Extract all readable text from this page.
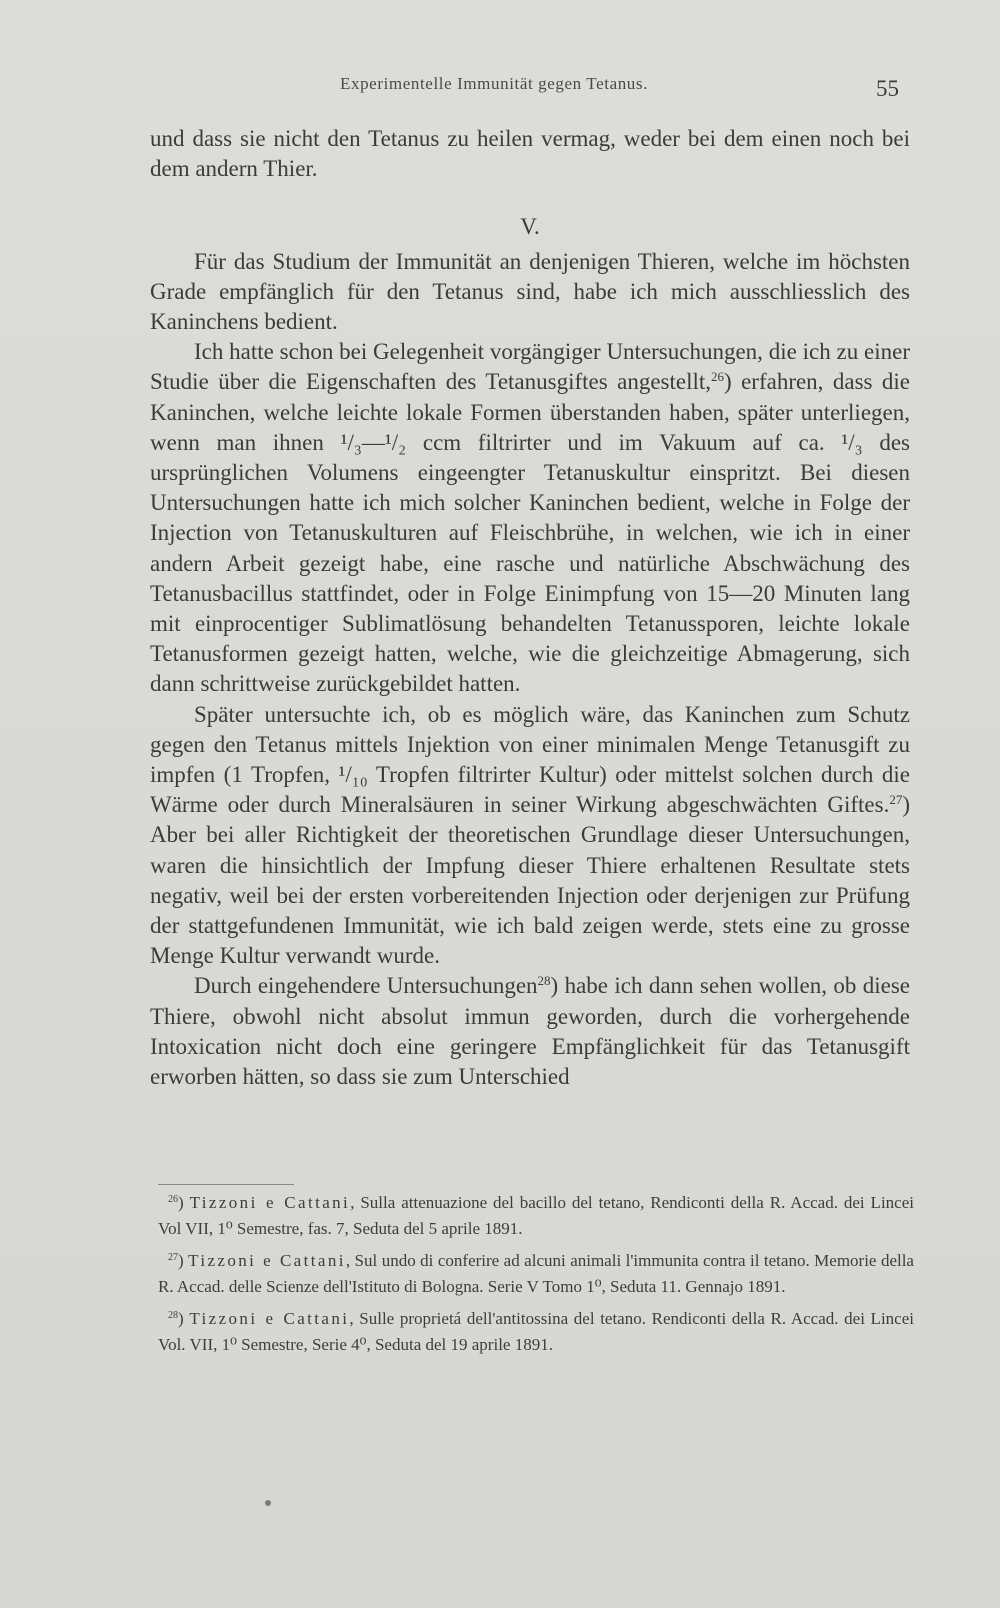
Experimentelle Immunität gegen Tetanus.	55

und dass sie nicht den Tetanus zu heilen vermag, weder bei dem einen noch bei dem andern Thier.

V.

Für das Studium der Immunität an denjenigen Thieren, welche im höchsten Grade empfänglich für den Tetanus sind, habe ich mich ausschliesslich des Kaninchens bedient.

Ich hatte schon bei Gelegenheit vorgängiger Untersuchungen, die ich zu einer Studie über die Eigenschaften des Tetanusgiftes angestellt,$^{26}$) erfahren, dass die Kaninchen, welche leichte lokale Formen überstanden haben, später unterliegen, wenn man ihnen ¹/₃—¹/₂ ccm filtrirter und im Vakuum auf ca. ¹/₃ des ursprünglichen Volumens eingeengter Tetanuskultur einspritzt. Bei diesen Untersuchungen hatte ich mich solcher Kaninchen bedient, welche in Folge der Injection von Tetanuskulturen auf Fleischbrühe, in welchen, wie ich in einer andern Arbeit gezeigt habe, eine rasche und natürliche Abschwächung des Tetanusbacillus stattfindet, oder in Folge Einimpfung von 15—20 Minuten lang mit einprocentiger Sublimatlösung behandelten Tetanussporen, leichte lokale Tetanusformen gezeigt hatten, welche, wie die gleichzeitige Abmagerung, sich dann schrittweise zurückgebildet hatten.

Später untersuchte ich, ob es möglich wäre, das Kaninchen zum Schutz gegen den Tetanus mittels Injektion von einer minimalen Menge Tetanusgift zu impfen (1 Tropfen, ¹/₁₀ Tropfen filtrirter Kultur) oder mittelst solchen durch die Wärme oder durch Mineralsäuren in seiner Wirkung abgeschwächten Giftes.$^{27}$) Aber bei aller Richtigkeit der theoretischen Grundlage dieser Untersuchungen, waren die hinsichtlich der Impfung dieser Thiere erhaltenen Resultate stets negativ, weil bei der ersten vorbereitenden Injection oder derjenigen zur Prüfung der stattgefundenen Immunität, wie ich bald zeigen werde, stets eine zu grosse Menge Kultur verwandt wurde.

Durch eingehendere Untersuchungen$^{28}$) habe ich dann sehen wollen, ob diese Thiere, obwohl nicht absolut immun geworden, durch die vorhergehende Intoxication nicht doch eine geringere Empfänglichkeit für das Tetanusgift erworben hätten, so dass sie zum Unterschied

$^{26}$) Tizzoni e Cattani, Sulla attenuazione del bacillo del tetano, Rendiconti della R. Accad. dei Lincei Vol VII, 1⁰ Semestre, fas. 7, Seduta del 5 aprile 1891.

$^{27}$) Tizzoni e Cattani, Sul undo di conferire ad alcuni animali l'immunita contra il tetano. Memorie della R. Accad. delle Scienze dell'Istituto di Bologna. Serie V Tomo 1⁰, Seduta 11. Gennajo 1891.

$^{28}$) Tizzoni e Cattani, Sulle proprietá dell'antitossina del tetano. Rendiconti della R. Accad. dei Lincei Vol. VII, 1⁰ Semestre, Serie 4⁰, Seduta del 19 aprile 1891.
